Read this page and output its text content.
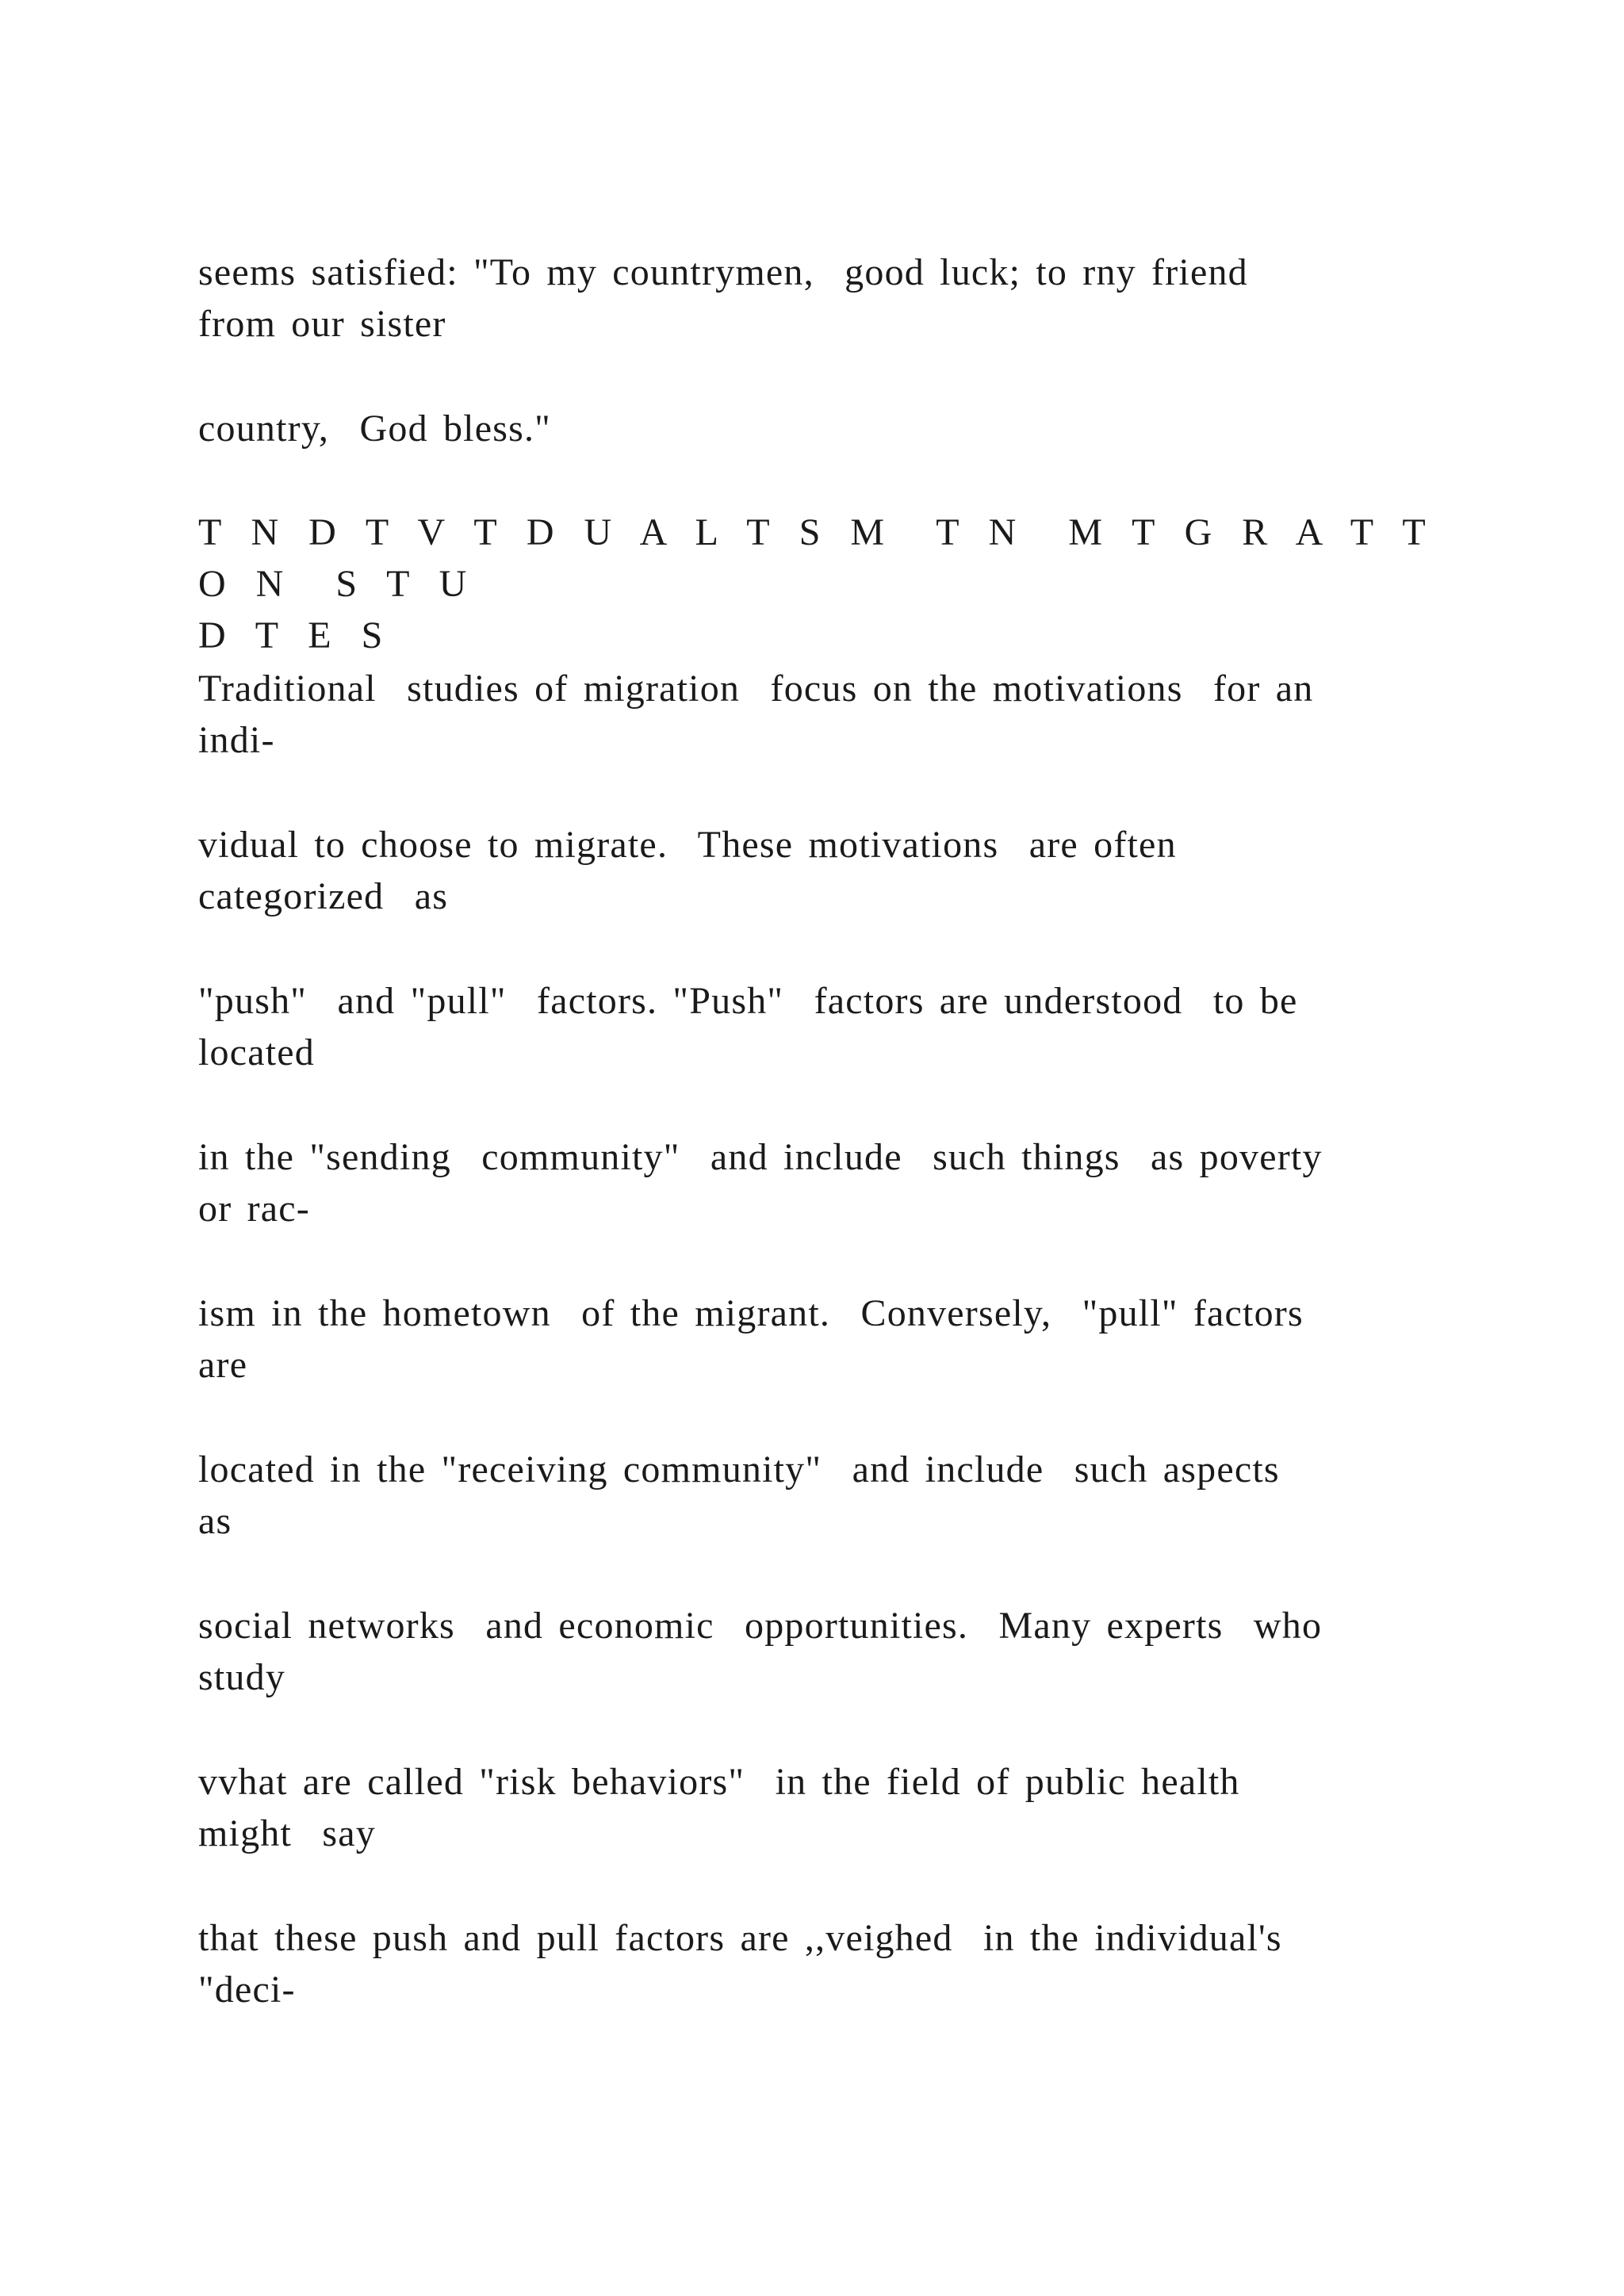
seems satisfied: "To my countrymen,  good luck; to rny friend
from our sister

country,  God bless."

T N D T V T D U A L T S M  T N  M T G R A T T O N  S T U
D T E S

Traditional  studies of migration  focus on the motivations  for an
indi-

vidual to choose to migrate.  These motivations  are often
categorized  as

"push"  and "pull"  factors. "Push"  factors are understood  to be
located

in the "sending  community"  and include  such things  as poverty
or rac-

ism in the hometown  of the migrant.  Conversely,  "pull" factors
are

located in the "receiving community"  and include  such aspects
as

social networks  and economic  opportunities.  Many experts  who
study

vvhat are called "risk behaviors"  in the field of public health
might  say

that these push and pull factors are ,,veighed  in the individual's
"deci-
